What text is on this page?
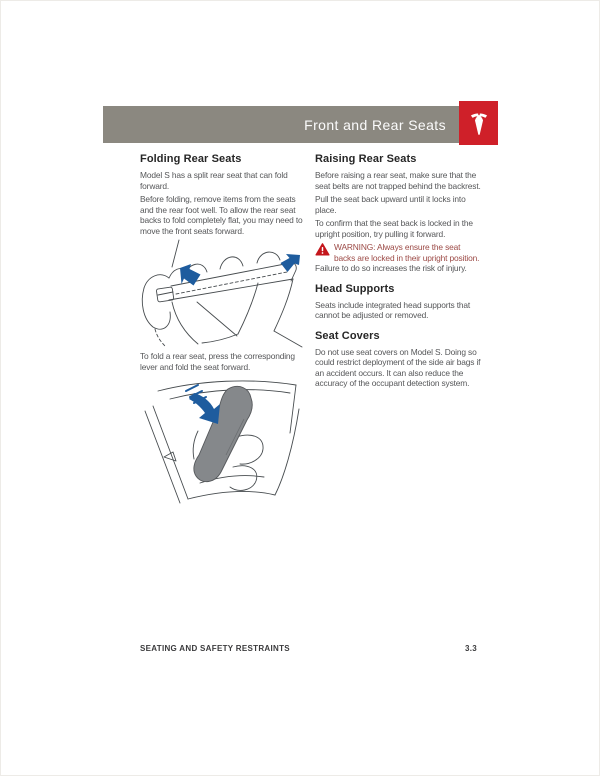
Front and Rear Seats
Folding Rear Seats

Model S has a split rear seat that can fold forward.

Before folding, remove items from the seats and the rear foot well. To allow the rear seat backs to fold completely flat, you may need to move the front seats forward.

To fold a rear seat, press the corresponding lever and fold the seat forward.

Raising Rear Seats

Before raising a rear seat, make sure that the seat belts are not trapped behind the backrest.

Pull the seat back upward until it locks into place.

To confirm that the seat back is locked in the upright position, try pulling it forward.

WARNING: Always ensure the seat backs are locked in their upright position. Failure to do so increases the risk of injury.
Head Supports

Seats include integrated head supports that cannot be adjusted or removed.

Seat Covers

Do not use seat covers on Model S. Doing so could restrict deployment of the side air bags if an accident occurs. It can also reduce the accuracy of the occupant detection system.

SEATING AND SAFETY RESTRAINTS	3.3
